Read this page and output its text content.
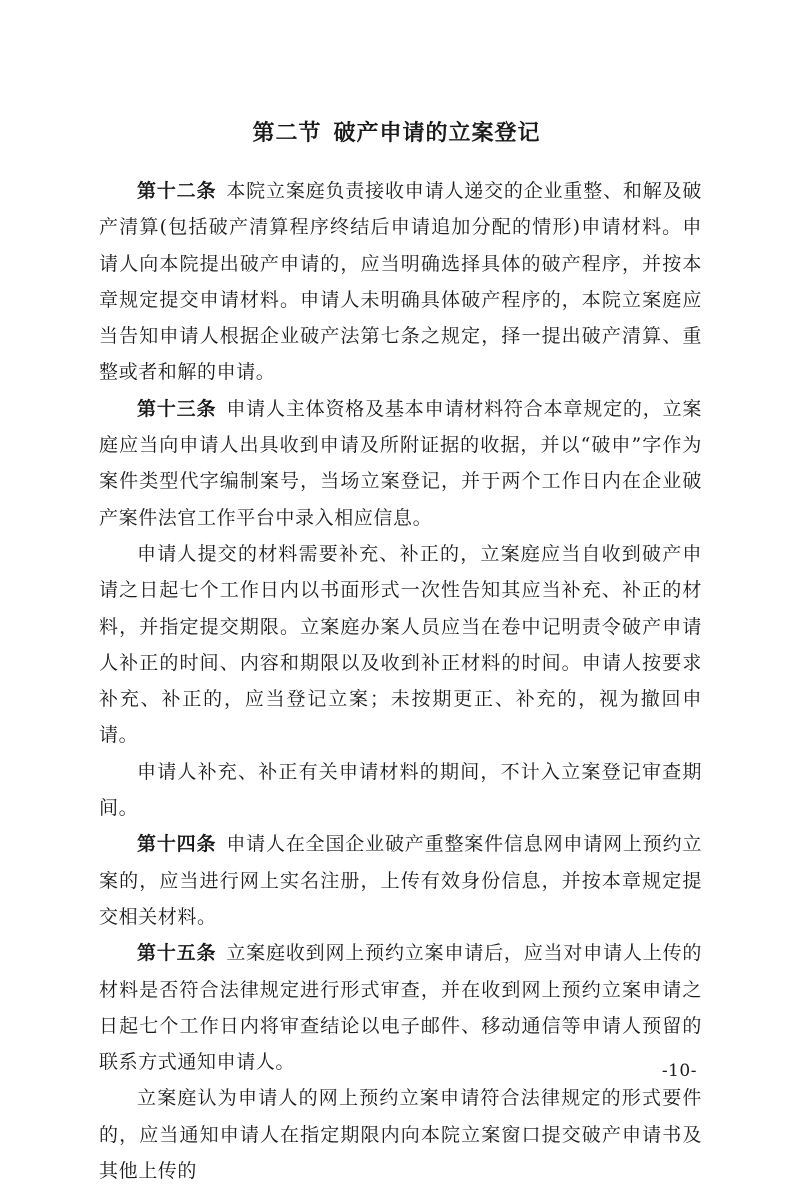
第二节 破产申请的立案登记

第十二条 本院立案庭负责接收申请人递交的企业重整、和解及破产清算(包括破产清算程序终结后申请追加分配的情形)申请材料。申请人向本院提出破产申请的，应当明确选择具体的破产程序，并按本章规定提交申请材料。申请人未明确具体破产程序的，本院立案庭应当告知申请人根据企业破产法第七条之规定，择一提出破产清算、重整或者和解的申请。

第十三条 申请人主体资格及基本申请材料符合本章规定的，立案庭应当向申请人出具收到申请及所附证据的收据，并以“破申”字作为案件类型代字编制案号，当场立案登记，并于两个工作日内在企业破产案件法官工作平台中录入相应信息。

申请人提交的材料需要补充、补正的，立案庭应当自收到破产申请之日起七个工作日内以书面形式一次性告知其应当补充、补正的材料，并指定提交期限。立案庭办案人员应当在卷中记明责令破产申请人补正的时间、内容和期限以及收到补正材料的时间。申请人按要求补充、补正的，应当登记立案；未按期更正、补充的，视为撤回申请。

申请人补充、补正有关申请材料的期间，不计入立案登记审查期间。

第十四条 申请人在全国企业破产重整案件信息网申请网上预约立案的，应当进行网上实名注册，上传有效身份信息，并按本章规定提交相关材料。

第十五条 立案庭收到网上预约立案申请后，应当对申请人上传的材料是否符合法律规定进行形式审查，并在收到网上预约立案申请之日起七个工作日内将审查结论以电子邮件、移动通信等申请人预留的联系方式通知申请人。

立案庭认为申请人的网上预约立案申请符合法律规定的形式要件的，应当通知申请人在指定期限内向本院立案窗口提交破产申请书及其他上传的

-10-
